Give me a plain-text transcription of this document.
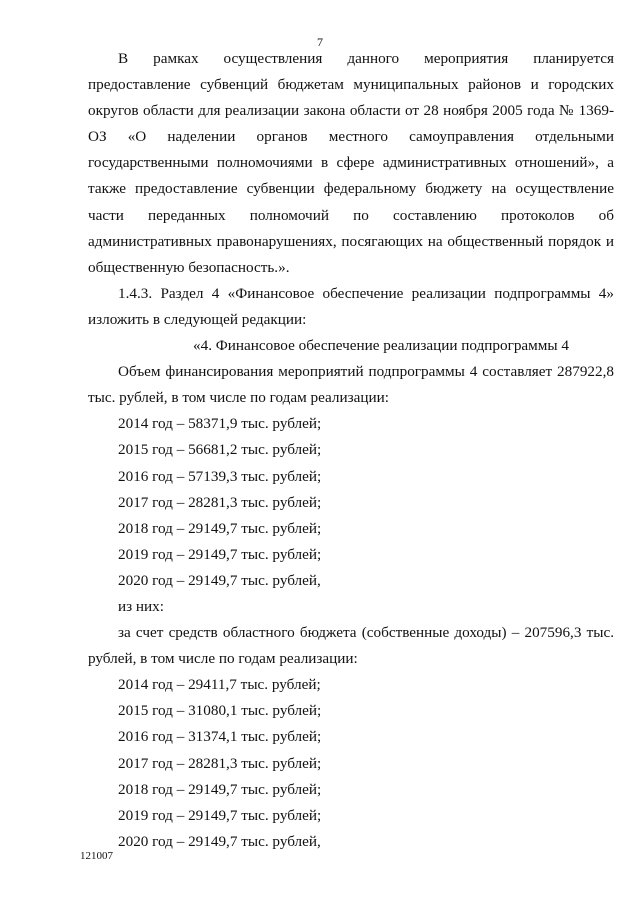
7

В рамках осуществления данного мероприятия планируется предоставление субвенций бюджетам муниципальных районов и городских округов области для реализации закона области от 28 ноября 2005 года № 1369-ОЗ «О наделении органов местного самоуправления отдельными государственными полномочиями в сфере административных отношений», а также предоставление субвенции федеральному бюджету на осуществление части переданных полномочий по составлению протоколов об административных правонарушениях, посягающих на общественный порядок и общественную безопасность.».

1.4.3. Раздел 4 «Финансовое обеспечение реализации подпрограммы 4» изложить в следующей редакции:

«4. Финансовое обеспечение реализации подпрограммы 4

Объем финансирования мероприятий подпрограммы 4 составляет 287922,8 тыс. рублей, в том числе по годам реализации:

2014 год – 58371,9 тыс. рублей;

2015 год – 56681,2 тыс. рублей;

2016 год – 57139,3 тыс. рублей;

2017 год – 28281,3 тыс. рублей;

2018 год – 29149,7 тыс. рублей;

2019 год – 29149,7 тыс. рублей;

2020 год – 29149,7 тыс. рублей,

из них:

за счет средств областного бюджета (собственные доходы) – 207596,3 тыс. рублей, в том числе по годам реализации:

2014 год – 29411,7 тыс. рублей;

2015 год – 31080,1 тыс. рублей;

2016 год – 31374,1 тыс. рублей;

2017 год – 28281,3 тыс. рублей;

2018 год – 29149,7 тыс. рублей;

2019 год – 29149,7 тыс. рублей;

2020 год – 29149,7 тыс. рублей,

121007
